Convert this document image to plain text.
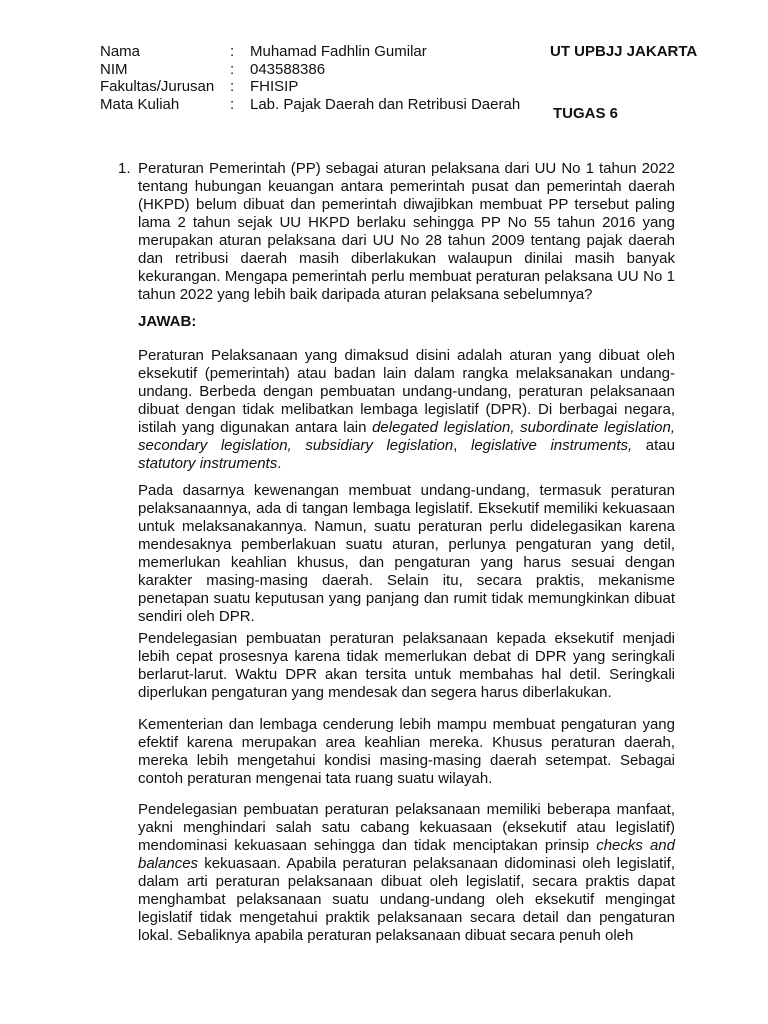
Nama	: Muhamad Fadhlin Gumilar
NIM	: 043588386
Fakultas/Jurusan : FHISIP
Mata Kuliah	: Lab. Pajak Daerah dan Retribusi Daerah
UT UPBJJ JAKARTA
TUGAS 6
1. Peraturan Pemerintah (PP) sebagai aturan pelaksana dari UU No 1 tahun 2022 tentang hubungan keuangan antara pemerintah pusat dan pemerintah daerah (HKPD) belum dibuat dan pemerintah diwajibkan membuat PP tersebut paling lama 2 tahun sejak UU HKPD berlaku sehingga PP No 55 tahun 2016 yang merupakan aturan pelaksana dari UU No 28 tahun 2009 tentang pajak daerah dan retribusi daerah masih diberlakukan walaupun dinilai masih banyak kekurangan. Mengapa pemerintah perlu membuat peraturan pelaksana UU No 1 tahun 2022 yang lebih baik daripada aturan pelaksana sebelumnya?

JAWAB:

Peraturan Pelaksanaan yang dimaksud disini adalah aturan yang dibuat oleh eksekutif (pemerintah) atau badan lain dalam rangka melaksanakan undang-undang. Berbeda dengan pembuatan undang-undang, peraturan pelaksanaan dibuat dengan tidak melibatkan lembaga legislatif (DPR). Di berbagai negara, istilah yang digunakan antara lain delegated legislation, subordinate legislation, secondary legislation, subsidiary legislation, legislative instruments, atau statutory instruments.

Pada dasarnya kewenangan membuat undang-undang, termasuk peraturan pelaksanaannya, ada di tangan lembaga legislatif. Eksekutif memiliki kekuasaan untuk melaksanakannya. Namun, suatu peraturan perlu didelegasikan karena mendesaknya pemberlakuan suatu aturan, perlunya pengaturan yang detil, memerlukan keahlian khusus, dan pengaturan yang harus sesuai dengan karakter masing-masing daerah. Selain itu, secara praktis, mekanisme penetapan suatu keputusan yang panjang dan rumit tidak memungkinkan dibuat sendiri oleh DPR.

Pendelegasian pembuatan peraturan pelaksanaan kepada eksekutif menjadi lebih cepat prosesnya karena tidak memerlukan debat di DPR yang seringkali berlarut-larut. Waktu DPR akan tersita untuk membahas hal detil. Seringkali diperlukan pengaturan yang mendesak dan segera harus diberlakukan.

Kementerian dan lembaga cenderung lebih mampu membuat pengaturan yang efektif karena merupakan area keahlian mereka. Khusus peraturan daerah, mereka lebih mengetahui kondisi masing-masing daerah setempat. Sebagai contoh peraturan mengenai tata ruang suatu wilayah.

Pendelegasian pembuatan peraturan pelaksanaan memiliki beberapa manfaat, yakni menghindari salah satu cabang kekuasaan (eksekutif atau legislatif) mendominasi kekuasaan sehingga dan tidak menciptakan prinsip checks and balances kekuasaan. Apabila peraturan pelaksanaan didominasi oleh legislatif, dalam arti peraturan pelaksanaan dibuat oleh legislatif, secara praktis dapat menghambat pelaksanaan suatu undang-undang oleh eksekutif mengingat legislatif tidak mengetahui praktik pelaksanaan secara detail dan pengaturan lokal. Sebaliknya apabila peraturan pelaksanaan dibuat secara penuh oleh
